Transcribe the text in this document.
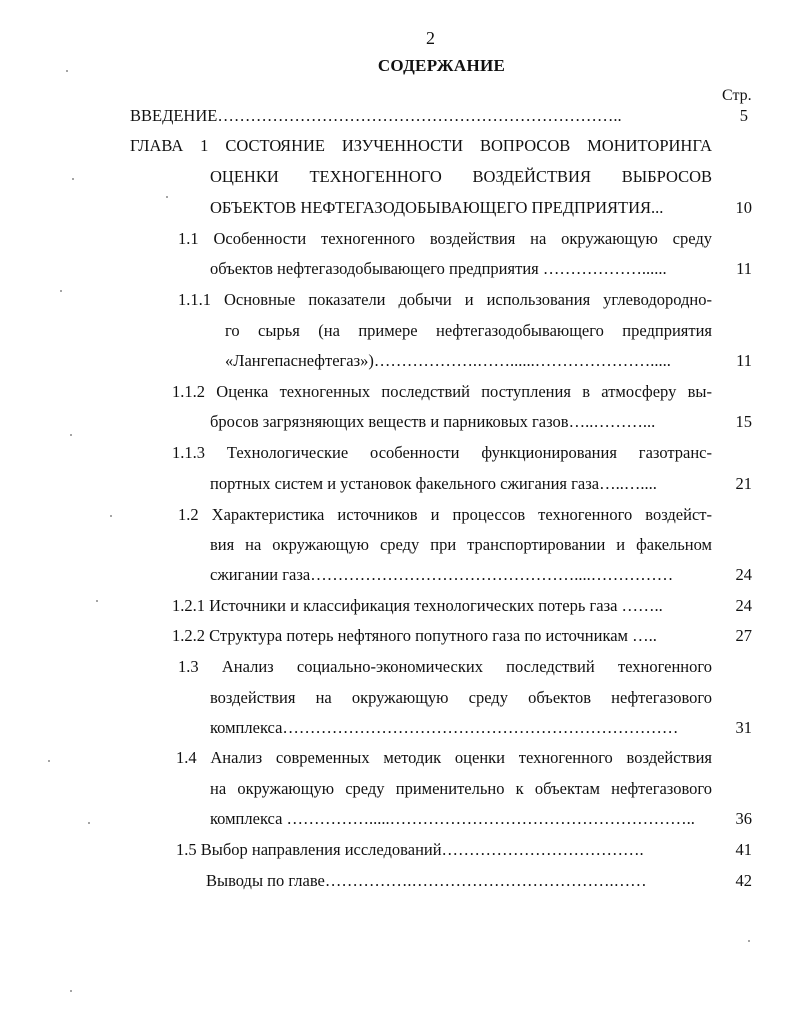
2
СОДЕРЖАНИЕ
Стр.
ВВЕДЕНИЕ………………………………………………………………..
ГЛАВА 1 СОСТОЯНИЕ ИЗУЧЕННОСТИ ВОПРОСОВ МОНИТОРИНГА
ОЦЕНКИ ТЕХНОГЕННОГО ВОЗДЕЙСТВИЯ ВЫБРОСОВ
ОБЪЕКТОВ НЕФТЕГАЗОДОБЫВАЮЩЕГО ПРЕДПРИЯТИЯ...
1.1 Особенности техногенного воздействия на окружающую среду
объектов нефтегазодобывающего предприятия ………………......
1.1.1 Основные показатели добычи и использования углеводородно-
го сырья (на примере нефтегазодобывающего предприятия
«Лангепаснефтегаз»)……………….……......………………….....
1.1.2 Оценка техногенных последствий поступления в атмосферу вы-
бросов загрязняющих веществ и парниковых газов…..………...
1.1.3 Технологические особенности функционирования газотранс-
портных систем и установок факельного сжигания газа…..…....
1.2 Характеристика источников и процессов техногенного воздейст-
вия на окружающую среду при транспортировании и факельном
сжигании газа…………………………………………....……………
1.2.1 Источники и классификация технологических потерь газа ……..
1.2.2 Структура потерь нефтяного попутного газа по источникам …..
1.3 Анализ социально-экономических последствий техногенного
воздействия на окружающую среду объектов нефтегазового
комплекса………………………………………………………………
1.4 Анализ современных методик оценки техногенного воздействия
на окружающую среду применительно к объектам нефтегазового
комплекса …………….....………………………………………………..
1.5 Выбор направления исследований……………………………….
Выводы по главе…………….……………………………….……
5
10
11
11
15
21
24
24
27
31
36
41
42
